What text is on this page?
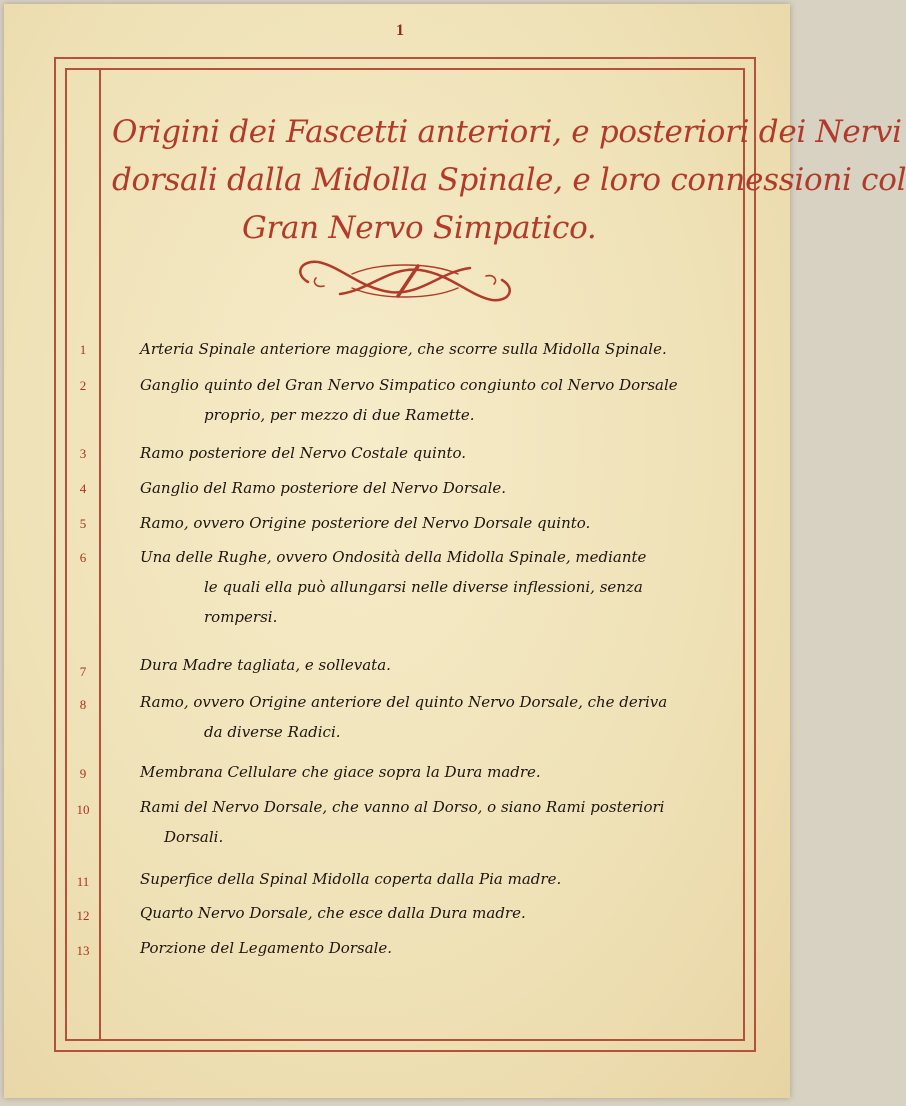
1
Origini dei Fascetti anteriori, e posteriori dei Nervi
dorsali dalla Midolla Spinale, e loro connessioni col
Gran Nervo Simpatico.
1	Arteria Spinale anteriore maggiore, che scorre sulla Midolla Spinale.
2	Ganglio quinto del Gran Nervo Simpatico congiunto col Nervo Dorsale
proprio, per mezzo di due Ramette.
3	Ramo posteriore del Nervo Costale quinto.
4	Ganglio del Ramo posteriore del Nervo Dorsale.
5	Ramo, ovvero Origine posteriore del Nervo Dorsale quinto.
6	Una delle Rughe, ovvero Ondosità della Midolla Spinale, mediante
le quali ella può allungarsi nelle diverse inflessioni, senza
rompersi.
7	Dura Madre tagliata, e sollevata.
8	Ramo, ovvero Origine anteriore del quinto Nervo Dorsale, che deriva
da diverse Radici.
9	Membrana Cellulare che giace sopra la Dura madre.
10	Rami del Nervo Dorsale, che vanno al Dorso, o siano Rami posteriori
Dorsali.
11	Superfice della Spinal Midolla coperta dalla Pia madre.
12	Quarto Nervo Dorsale, che esce dalla Dura madre.
13	Porzione del Legamento Dorsale.
